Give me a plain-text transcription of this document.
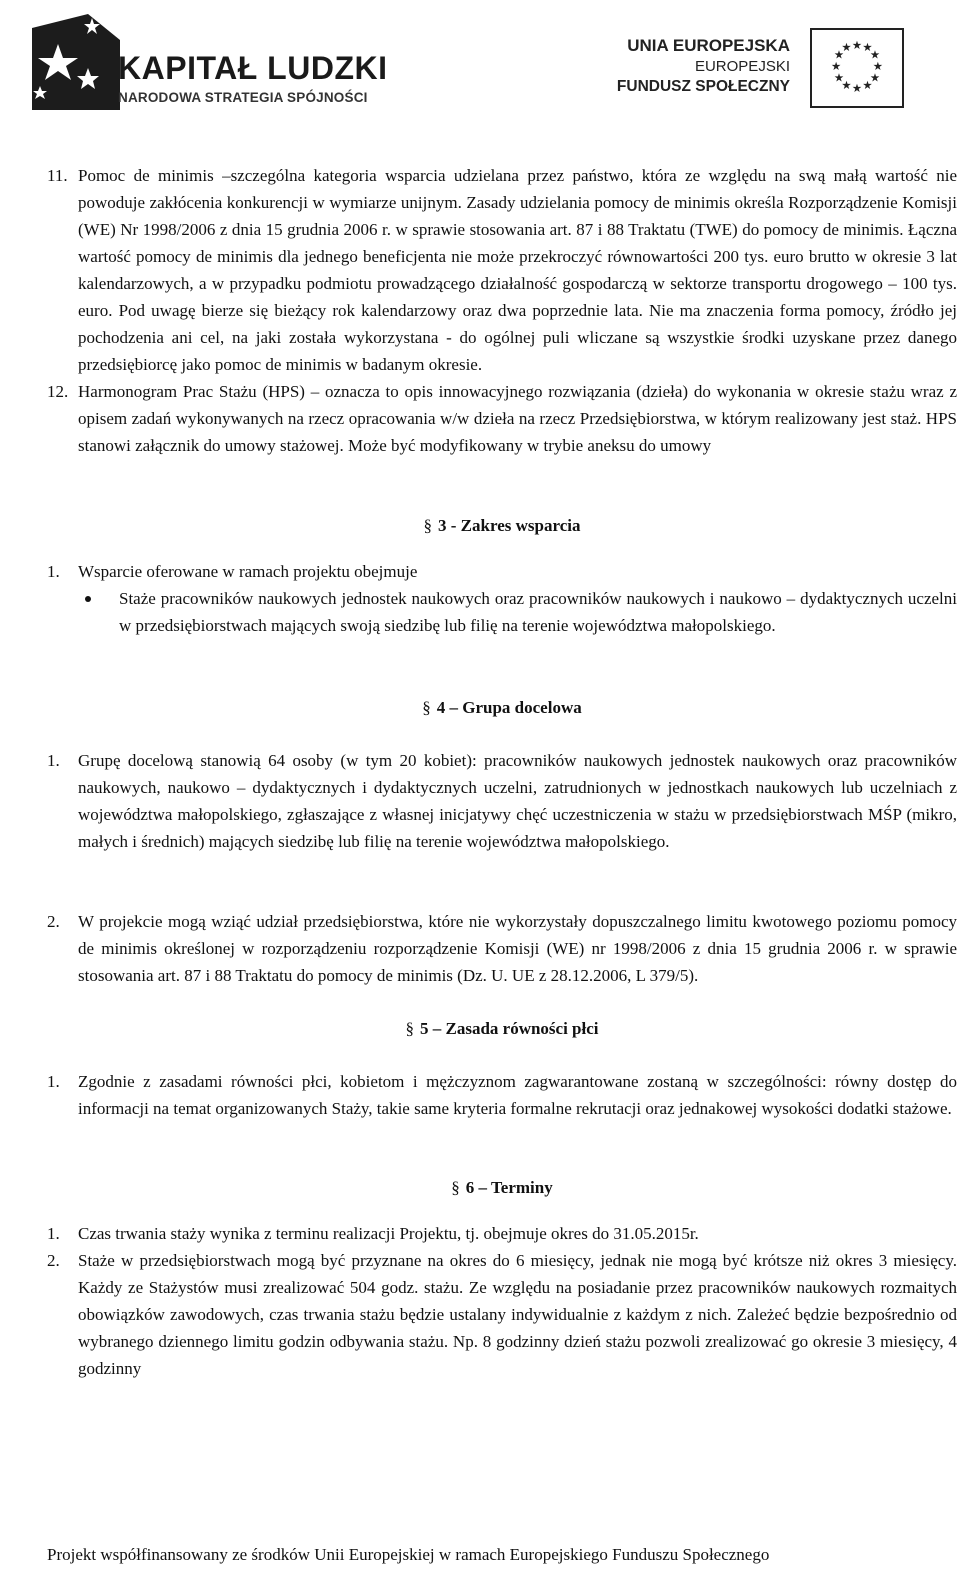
KAPITAŁ LUDZKI
NARODOWA STRATEGIA SPÓJNOŚCI
UNIA EUROPEJSKA
EUROPEJSKI
FUNDUSZ SPOŁECZNY
★ ★
★
★
★
★
★
★
★
★
★
★
11. Pomoc de minimis –szczególna kategoria wsparcia udzielana przez państwo, która ze względu na swą małą wartość nie powoduje zakłócenia konkurencji w wymiarze unijnym. Zasady udzielania pomocy de minimis określa Rozporządzenie Komisji (WE) Nr 1998/2006 z dnia 15 grudnia 2006 r. w sprawie stosowania art. 87 i 88 Traktatu (TWE) do pomocy de minimis. Łączna wartość pomocy de minimis dla jednego beneficjenta nie może przekroczyć równowartości 200 tys. euro brutto w okresie 3 lat kalendarzowych, a w przypadku podmiotu prowadzącego działalność gospodarczą w sektorze transportu drogowego – 100 tys. euro. Pod uwagę bierze się bieżący rok kalendarzowy oraz dwa poprzednie lata. Nie ma znaczenia forma pomocy, źródło jej pochodzenia ani cel, na jaki została wykorzystana - do ogólnej puli wliczane są wszystkie środki uzyskane przez danego przedsiębiorcę jako pomoc de minimis w badanym okresie.

12. Harmonogram Prac Stażu (HPS) – oznacza to opis innowacyjnego rozwiązania (dzieła) do wykonania w okresie stażu wraz z opisem zadań wykonywanych na rzecz opracowania w/w dzieła na rzecz Przedsiębiorstwa, w którym realizowany jest staż. HPS stanowi załącznik do umowy stażowej. Może być modyfikowany w trybie aneksu do umowy

§ 3 - Zakres wsparcia
1. Wsparcie oferowane w ramach projektu obejmuje

Staże pracowników naukowych jednostek naukowych oraz pracowników naukowych i naukowo – dydaktycznych uczelni w przedsiębiorstwach mających swoją siedzibę lub filię na terenie województwa małopolskiego.

§ 4 – Grupa docelowa
1. Grupę docelową stanowią 64 osoby (w tym 20 kobiet): pracowników naukowych jednostek naukowych oraz pracowników naukowych, naukowo – dydaktycznych i dydaktycznych uczelni, zatrudnionych w jednostkach naukowych lub uczelniach z województwa małopolskiego, zgłaszające z własnej inicjatywy chęć uczestniczenia w stażu w przedsiębiorstwach MŚP (mikro, małych i średnich) mających siedzibę lub filię na terenie województwa małopolskiego.

2. W projekcie mogą wziąć udział przedsiębiorstwa, które nie wykorzystały dopuszczalnego limitu kwotowego poziomu pomocy de minimis określonej w rozporządzeniu rozporządzenie Komisji (WE) nr 1998/2006 z dnia 15 grudnia 2006 r. w sprawie stosowania art. 87 i 88 Traktatu do pomocy de minimis (Dz. U. UE z 28.12.2006, L 379/5).

§ 5 – Zasada równości płci
1. Zgodnie z zasadami równości płci, kobietom i mężczyznom zagwarantowane zostaną w szczególności: równy dostęp do informacji na temat organizowanych Staży, takie same kryteria formalne rekrutacji oraz jednakowej wysokości dodatki stażowe.

§ 6 – Terminy
1. Czas trwania staży wynika z terminu realizacji Projektu, tj. obejmuje okres do 31.05.2015r.

2. Staże w przedsiębiorstwach mogą być przyznane na okres do 6 miesięcy, jednak nie mogą być krótsze niż okres 3 miesięcy. Każdy ze Stażystów musi zrealizować 504 godz. stażu. Ze względu na posiadanie przez pracowników naukowych rozmaitych obowiązków zawodowych, czas trwania stażu będzie ustalany indywidualnie z każdym z nich. Zależeć będzie bezpośrednio od wybranego dziennego limitu godzin odbywania stażu. Np. 8 godzinny dzień stażu pozwoli zrealizować go okresie 3 miesięcy, 4 godzinny

Projekt współfinansowany ze środków Unii Europejskiej w ramach Europejskiego Funduszu Społecznego
